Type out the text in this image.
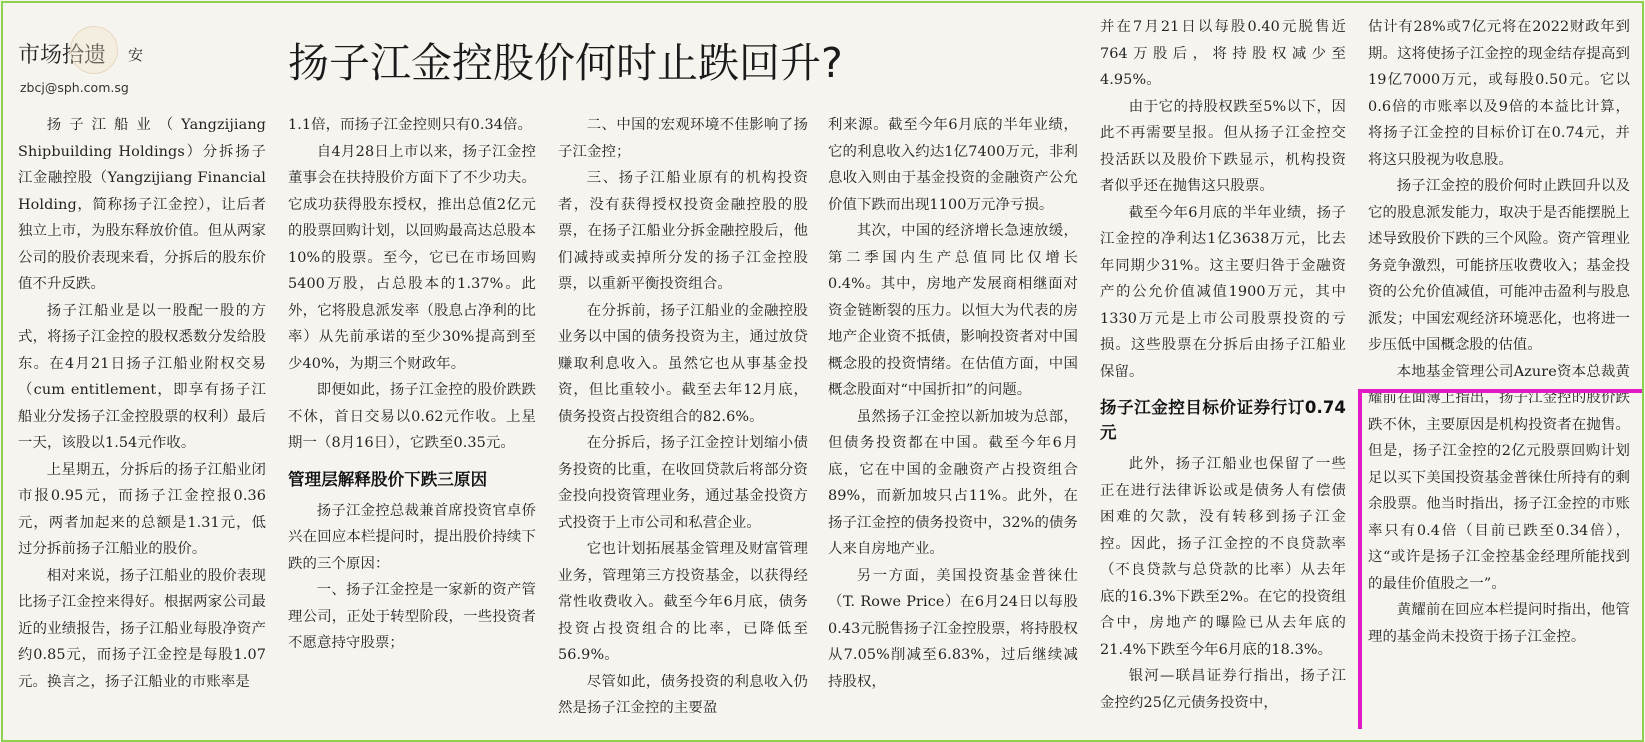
市场拾遗 安
zbcj@sph.com.sg
扬子江金控股价何时止跌回升?

扬子江船业（Yangzijiang Shipbuilding Holdings）分拆扬子江金融控股（Yangzijiang Financial Holding，简称扬子江金控），让后者独立上市，为股东释放价值。但从两家公司的股价表现来看，分拆后的股东价值不升反跌。

扬子江船业是以一股配一股的方式，将扬子江金控的股权悉数分发给股东。在4月21日扬子江船业附权交易（cum entitlement，即享有扬子江船业分发扬子江金控股票的权利）最后一天，该股以1.54元作收。

上星期五，分拆后的扬子江船业闭市报0.95元，而扬子江金控报0.36元，两者加起来的总额是1.31元，低过分拆前扬子江船业的股价。

相对来说，扬子江船业的股价表现比扬子江金控来得好。根据两家公司最近的业绩报告，扬子江船业每股净资产约0.85元，而扬子江金控是每股1.07元。换言之，扬子江船业的市账率是

1.1倍，而扬子江金控则只有0.34倍。

自4月28日上市以来，扬子江金控董事会在扶持股价方面下了不少功夫。它成功获得股东授权，推出总值2亿元的股票回购计划，以回购最高达总股本10%的股票。至今，它已在市场回购5400万股，占总股本的1.37%。此外，它将股息派发率（股息占净利的比率）从先前承诺的至少30%提高到至少40%，为期三个财政年。

即便如此，扬子江金控的股价跌跌不休，首日交易以0.62元作收。上星期一（8月16日），它跌至0.35元。

管理层解释股价下跌三原因

扬子江金控总裁兼首席投资官卓侨兴在回应本栏提问时，提出股价持续下跌的三个原因：

一、扬子江金控是一家新的资产管理公司，正处于转型阶段，一些投资者不愿意持守股票；

二、中国的宏观环境不佳影响了扬子江金控；

三、扬子江船业原有的机构投资者，没有获得授权投资金融控股的股票，在扬子江船业分拆金融控股后，他们减持或卖掉所分发的扬子江金控股票，以重新平衡投资组合。

在分拆前，扬子江船业的金融控股业务以中国的债务投资为主，通过放贷赚取利息收入。虽然它也从事基金投资，但比重较小。截至去年12月底，债务投资占投资组合的82.6%。

在分拆后，扬子江金控计划缩小债务投资的比重，在收回贷款后将部分资金投向投资管理业务，通过基金投资方式投资于上市公司和私营企业。

它也计划拓展基金管理及财富管理业务，管理第三方投资基金，以获得经常性收费收入。截至今年6月底，债务投资占投资组合的比率，已降低至56.9%。

尽管如此，债务投资的利息收入仍然是扬子江金控的主要盈

利来源。截至今年6月底的半年业绩，它的利息收入约达1亿7400万元，非利息收入则由于基金投资的金融资产公允价值下跌而出现1100万元净亏损。

其次，中国的经济增长急速放缓，第二季国内生产总值同比仅增长0.4%。其中，房地产发展商相继面对资金链断裂的压力。以恒大为代表的房地产企业资不抵债，影响投资者对中国概念股的投资情绪。在估值方面，中国概念股面对“中国折扣”的问题。

虽然扬子江金控以新加坡为总部，但债务投资都在中国。截至今年6月底，它在中国的金融资产占投资组合89%，而新加坡只占11%。此外，在扬子江金控的债务投资中，32%的债务人来自房地产业。

另一方面，美国投资基金普徕仕（T. Rowe Price）在6月24日以每股0.43元脱售扬子江金控股票，将持股权从7.05%削减至6.83%，过后继续减持股权，

并在7月21日以每股0.40元脱售近764万股后，将持股权减少至4.95%。

由于它的持股权跌至5%以下，因此不再需要呈报。但从扬子江金控交投活跃以及股价下跌显示，机构投资者似乎还在抛售这只股票。

截至今年6月底的半年业绩，扬子江金控的净利达1亿3638万元，比去年同期少31%。这主要归咎于金融资产的公允价值减值1900万元，其中1330万元是上市公司股票投资的亏损。这些股票在分拆后由扬子江船业保留。

扬子江金控目标价证券行订0.74元

此外，扬子江船业也保留了一些正在进行法律诉讼或是债务人有偿债困难的欠款，没有转移到扬子江金控。因此，扬子江金控的不良贷款率（不良贷款与总贷款的比率）从去年底的16.3%下跌至2%。在它的投资组合中，房地产的曝险已从去年底的21.4%下跌至今年6月底的18.3%。

银河—联昌证券行指出，扬子江金控约25亿元债务投资中，

估计有28%或7亿元将在2022财政年到期。这将使扬子江金控的现金结存提高到19亿7000万元，或每股0.50元。它以0.6倍的市账率以及9倍的本益比计算，将扬子江金控的目标价订在0.74元，并将这只股视为收息股。

扬子江金控的股价何时止跌回升以及它的股息派发能力，取决于是否能摆脱上述导致股价下跌的三个风险。资产管理业务竞争激烈，可能挤压收费收入；基金投资的公允价值减值，可能冲击盈利与股息派发；中国宏观经济环境恶化，也将进一步压低中国概念股的估值。

本地基金管理公司Azure资本总裁黄耀前在面簿上指出，扬子江金控的股价跌跌不休，主要原因是机构投资者在抛售。但是，扬子江金控的2亿元股票回购计划足以买下美国投资基金普徕仕所持有的剩余股票。他当时指出，扬子江金控的市账率只有0.4倍（目前已跌至0.34倍），这“或许是扬子江金控基金经理所能找到的最佳价值股之一”。

黄耀前在回应本栏提问时指出，他管理的基金尚未投资于扬子江金控。
